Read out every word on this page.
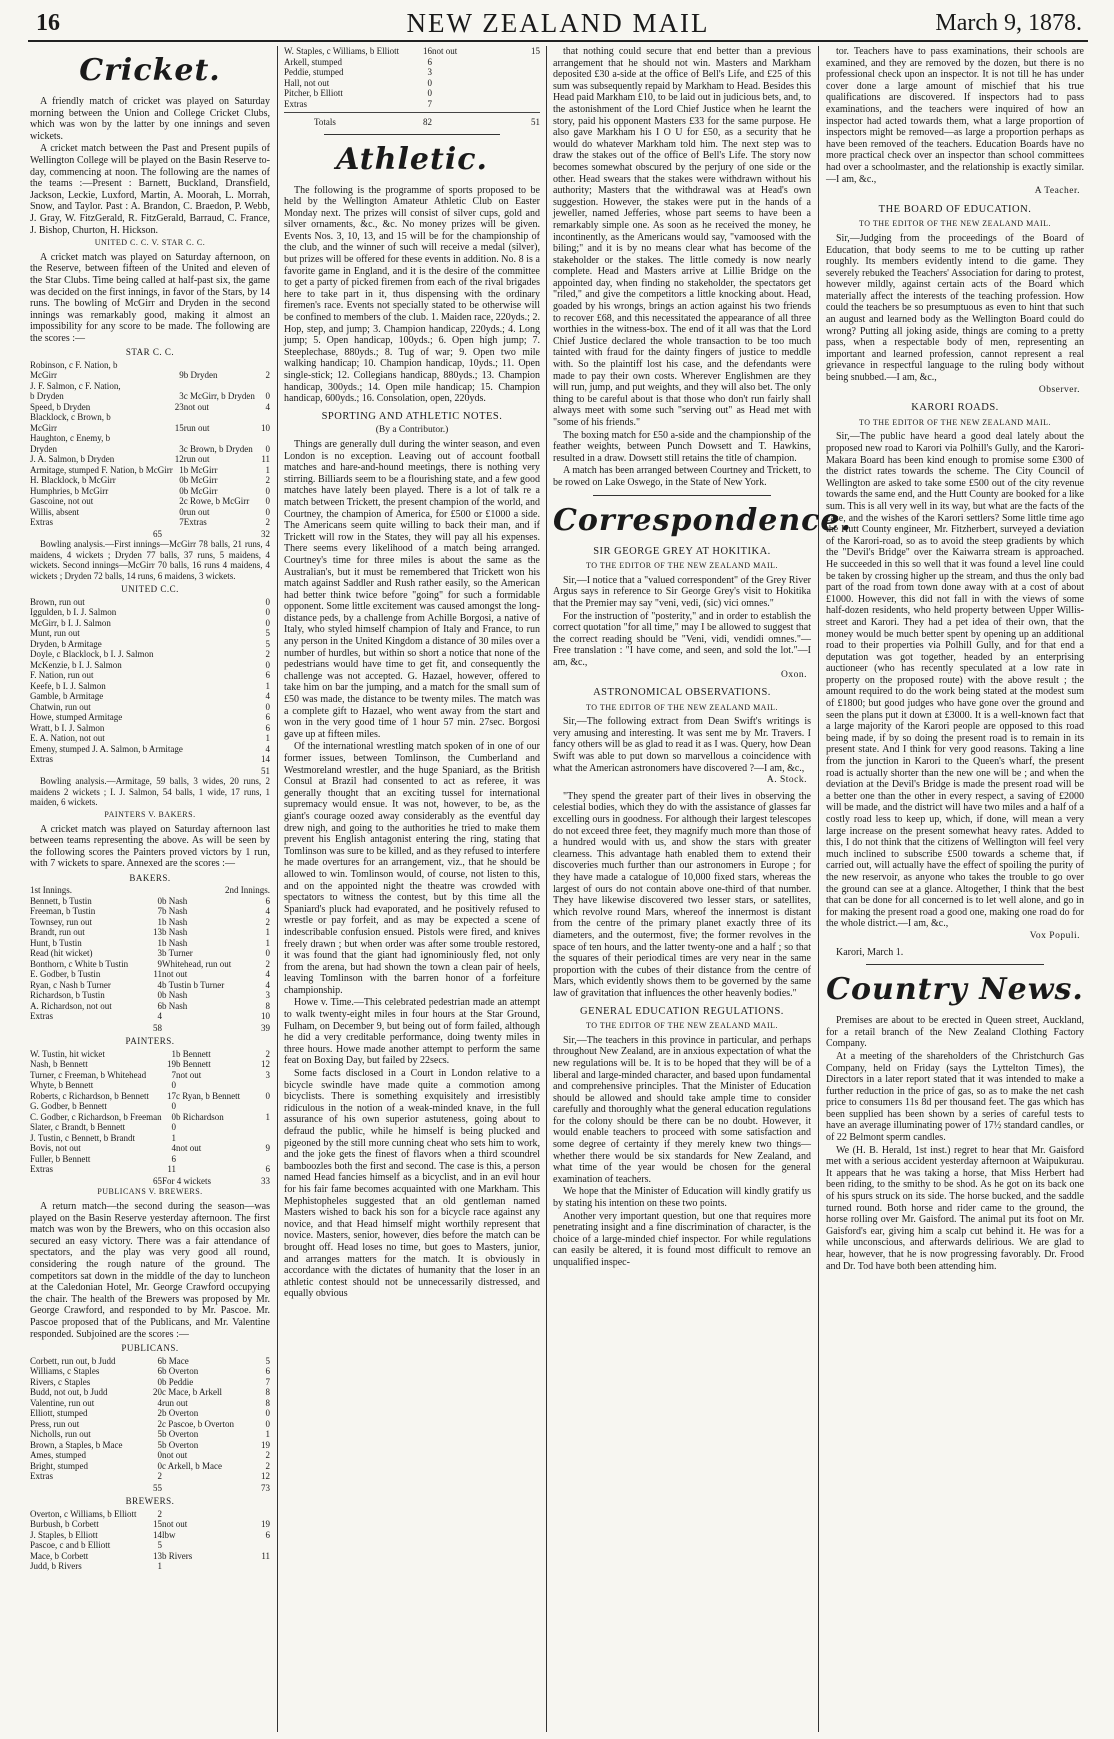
16	NEW ZEALAND MAIL	March 9, 1878.
Cricket.

A friendly match of cricket was played on Saturday morning between the Union and College Cricket Clubs, which was won by the latter by one innings and seven wickets.

A cricket match between the Past and Present pupils of Wellington College will be played on the Basin Reserve to-day, commencing at noon. The following are the names of the teams :—Present : Barnett, Buckland, Dransfield, Jackson, Leckie, Luxford, Martin, A. Moorah, L. Morrah, Snow, and Taylor. Past : A. Brandon, C. Braedon, P. Webb, J. Gray, W. FitzGerald, R. FitzGerald, Barraud, C. France, J. Bishop, Churton, H. Hickson.

UNITED C. C. V. STAR C. C.

A cricket match was played on Saturday afternoon, on the Reserve, between fifteen of the United and eleven of the Star Clubs. Time being called at half-past six, the game was decided on the first innings, in favor of the Stars, by 14 runs. The bowling of McGirr and Dryden in the second innings was remarkably good, making it almost an impossibility for any score to be made. The following are the scores :—

STAR C. C.
Robinson, c F. Nation, b			
McGirr	9	b Dryden	2
J. F. Salmon, c F. Nation,			
b Dryden	3	c McGirr, b Dryden	0
Speed, b Dryden	23	not out	4
Blacklock, c Brown, b			
McGirr	15	run out	10
Haughton, c Enemy, b			
Dryden	3	c Brown, b Dryden	0
J. A. Salmon, b Dryden	12	run out	11
Armitage, stumped F. Nation, b McGirr	1	b McGirr	1
H. Blacklock, b McGirr	0	b McGirr	2
Humphries, b McGirr	0	b McGirr	0
Gascoine, not out	2	c Rowe, b McGirr	0
Willis, absent	0	run out	0
Extras	7	Extras	2
	65		32

Bowling analysis.—First innings—McGirr 78 balls, 21 runs, 4 maidens, 4 wickets ; Dryden 77 balls, 37 runs, 5 maidens, 4 wickets. Second innings—McGirr 70 balls, 16 runs 4 maidens, 4 wickets ; Dryden 72 balls, 14 runs, 6 maidens, 3 wickets.

UNITED C.C.
Brown, run out	0
Iggulden, b I. J. Salmon	0
McGirr, b I. J. Salmon	0
Munt, run out	5
Dryden, b Armitage	5
Doyle, c Blacklock, b I. J. Salmon	2
McKenzie, b I. J. Salmon	0
F. Nation, run out	6
Keefe, b I. J. Salmon	1
Gamble, b Armitage	4
Chatwin, run out	0
Howe, stumped Armitage	6
Wratt, b I. J. Salmon	6
E. A. Nation, not out	1
Emeny, stumped J. A. Salmon, b Armitage	4
Extras	14
	51

Bowling analysis.—Armitage, 59 balls, 3 wides, 20 runs, 2 maidens 2 wickets ; I. J. Salmon, 54 balls, 1 wide, 17 runs, 1 maiden, 6 wickets.

PAINTERS V. BAKERS.

A cricket match was played on Saturday afternoon last between teams representing the above. As will be seen by the following scores the Painters proved victors by 1 run, with 7 wickets to spare. Annexed are the scores :—

BAKERS.
1st Innings.	2nd Innings.
Bennett, b Tustin	0	b Nash	6
Freeman, b Tustin	7	b Nash	4
Townsey, run out	1	b Nash	2
Brandt, run out	13	b Nash	1
Hunt, b Tustin	1	b Nash	1
Read (hit wicket)	3	b Turner	0
Bonthorn, c White b Tustin	9	Whitehead, run out	2
E. Godber, b Tustin	11	not out	4
Ryan, c Nash b Turner	4	b Tustin b Turner	4
Richardson, b Tustin	0	b Nash	3
A. Richardson, not out	6	b Nash	8
Extras	4		10
	58		39
PAINTERS.
W. Tustin, hit wicket	1	b Bennett	2
Nash, b Bennett	19	b Bennett	12
Turner, c Freeman, b Whitehead	7	not out	3
Whyte, b Bennett	0		
Roberts, c Richardson, b Bennett	17	c Ryan, b Bennett	0
G. Godber, b Bennett	0		
C. Godber, c Richardson, b Freeman	0	b Richardson	1
Slater, c Brandt, b Bennett	0		
J. Tustin, c Bennett, b Brandt	1		
Bovis, not out	4	not out	9
Fuller, b Bennett	6		
Extras	11		6
	65	For 4 wickets	33
PUBLICANS V. BREWERS.

A return match—the second during the season—was played on the Basin Reserve yesterday afternoon. The first match was won by the Brewers, who on this occasion also secured an easy victory. There was a fair attendance of spectators, and the play was very good all round, considering the rough nature of the ground. The competitors sat down in the middle of the day to luncheon at the Caledonian Hotel, Mr. George Crawford occupying the chair. The health of the Brewers was proposed by Mr. George Crawford, and responded to by Mr. Pascoe. Mr. Pascoe proposed that of the Publicans, and Mr. Valentine responded. Subjoined are the scores :—

PUBLICANS.
Corbett, run out, b Judd	6	b Mace	5
Williams, c Staples	6	b Overton	6
Rivers, c Staples	0	b Peddie	7
Budd, not out, b Judd	20	c Mace, b Arkell	8
Valentine, run out	4	run out	8
Elliott, stumped	2	b Overton	0
Press, run out	2	c Pascoe, b Overton	0
Nicholls, run out	5	b Overton	1
Brown, a Staples, b Mace	5	b Overton	19
Ames, stumped	0	not out	2
Bright, stumped	0	c Arkell, b Mace	2
Extras	2		12
	55		73
BREWERS.
Overton, c Williams, b Elliott	2		
Burbush, b Corbett	15	not out	19
J. Staples, b Elliott	14	lbw	6
Pascoe, c and b Elliott	5		
Mace, b Corbett	13	b Rivers	11
Judd, b Rivers	1		
W. Staples, c Williams, b Elliott	16	not out	15
Arkell, stumped	6		
Peddie, stumped	3		
Hall, not out	0		
Pitcher, b Elliott	0		
Extras	7		
Totals	82		51
Athletic.

The following is the programme of sports proposed to be held by the Wellington Amateur Athletic Club on Easter Monday next. The prizes will consist of silver cups, gold and silver ornaments, &c., &c. No money prizes will be given. Events Nos. 3, 10, 13, and 15 will be for the championship of the club, and the winner of such will receive a medal (silver), but prizes will be offered for these events in addition. No. 8 is a favorite game in England, and it is the desire of the committee to get a party of picked firemen from each of the rival brigades here to take part in it, thus dispensing with the ordinary firemen's race. Events not specially stated to be otherwise will be confined to members of the club. 1. Maiden race, 220yds.; 2. Hop, step, and jump; 3. Champion handicap, 220yds.; 4. Long jump; 5. Open handicap, 100yds.; 6. Open high jump; 7. Steeplechase, 880yds.; 8. Tug of war; 9. Open two mile walking handicap; 10. Champion handicap, 10yds.; 11. Open single-stick; 12. Collegians handicap, 880yds.; 13. Champion handicap, 300yds.; 14. Open mile handicap; 15. Champion handicap, 600yds.; 16. Consolation, open, 220yds.

SPORTING AND ATHLETIC NOTES.
(By a Contributor.)

Things are generally dull during the winter season, and even London is no exception. Leaving out of account football matches and hare-and-hound meetings, there is nothing very stirring. Billiards seem to be a flourishing state, and a few good matches have lately been played. There is a lot of talk re a match between Trickett, the present champion of the world, and Courtney, the champion of America, for £500 or £1000 a side. The Americans seem quite willing to back their man, and if Trickett will row in the States, they will pay all his expenses. There seems every likelihood of a match being arranged. Courtney's time for three miles is about the same as the Australian's, but it must be remembered that Trickett won his match against Saddler and Rush rather easily, so the American had better think twice before "going" for such a formidable opponent. Some little excitement was caused amongst the long-distance peds, by a challenge from Achille Borgosi, a native of Italy, who styled himself champion of Italy and France, to run any person in the United Kingdom a distance of 30 miles over a number of hurdles, but within so short a notice that none of the pedestrians would have time to get fit, and consequently the challenge was not accepted. G. Hazael, however, offered to take him on bar the jumping, and a match for the small sum of £50 was made, the distance to be twenty miles. The match was a complete gift to Hazael, who went away from the start and won in the very good time of 1 hour 57 min. 27sec. Borgosi gave up at fifteen miles.

Of the international wrestling match spoken of in one of our former issues, between Tomlinson, the Cumberland and Westmoreland wrestler, and the huge Spaniard, as the British Consul at Brazil had consented to act as referee, it was generally thought that an exciting tussel for international supremacy would ensue. It was not, however, to be, as the giant's courage oozed away considerably as the eventful day drew nigh, and going to the authorities he tried to make them prevent his English antagonist entering the ring, stating that Tomlinson was sure to be killed, and as they refused to interfere he made overtures for an arrangement, viz., that he should be allowed to win. Tomlinson would, of course, not listen to this, and on the appointed night the theatre was crowded with spectators to witness the contest, but by this time all the Spaniard's pluck had evaporated, and he positively refused to wrestle or pay forfeit, and as may be expected a scene of indescribable confusion ensued. Pistols were fired, and knives freely drawn ; but when order was after some trouble restored, it was found that the giant had ignominiously fled, not only from the arena, but had shown the town a clean pair of heels, leaving Tomlinson with the barren honor of a forfeiture championship.

Howe v. Time.—This celebrated pedestrian made an attempt to walk twenty-eight miles in four hours at the Star Ground, Fulham, on December 9, but being out of form failed, although he did a very creditable performance, doing twenty miles in three hours. Howe made another attempt to perform the same feat on Boxing Day, but failed by 22secs.

Some facts disclosed in a Court in London relative to a bicycle swindle have made quite a commotion among bicyclists. There is something exquisitely and irresistibly ridiculous in the notion of a weak-minded knave, in the full assurance of his own superior astuteness, going about to defraud the public, while he himself is being plucked and pigeoned by the still more cunning cheat who sets him to work, and the joke gets the finest of flavors when a third scoundrel bamboozles both the first and second. The case is this, a person named Head fancies himself as a bicyclist, and in an evil hour for his fair fame becomes acquainted with one Markham. This Mephistopheles suggested that an old gentleman named Masters wished to back his son for a bicycle race against any novice, and that Head himself might worthily represent that novice. Masters, senior, however, dies before the match can be brought off. Head loses no time, but goes to Masters, junior, and arranges matters for the match. It is obviously in accordance with the dictates of humanity that the loser in an athletic contest should not be unnecessarily distressed, and equally obvious

that nothing could secure that end better than a previous arrangement that he should not win. Masters and Markham deposited £30 a-side at the office of Bell's Life, and £25 of this sum was subsequently repaid by Markham to Head. Besides this Head paid Markham £10, to be laid out in judicious bets, and, to the astonishment of the Lord Chief Justice when he learnt the story, paid his opponent Masters £33 for the same purpose. He also gave Markham his I O U for £50, as a security that he would do whatever Markham told him. The next step was to draw the stakes out of the office of Bell's Life. The story now becomes somewhat obscured by the perjury of one side or the other. Head swears that the stakes were withdrawn without his authority; Masters that the withdrawal was at Head's own suggestion. However, the stakes were put in the hands of a jeweller, named Jefferies, whose part seems to have been a remarkably simple one. As soon as he received the money, he incontinently, as the Americans would say, "vamoosed with the biling;" and it is by no means clear what has become of the stakeholder or the stakes. The little comedy is now nearly complete. Head and Masters arrive at Lillie Bridge on the appointed day, when finding no stakeholder, the spectators get "riled," and give the competitors a little knocking about. Head, goaded by his wrongs, brings an action against his two friends to recover £68, and this necessitated the appearance of all three worthies in the witness-box. The end of it all was that the Lord Chief Justice declared the whole transaction to be too much tainted with fraud for the dainty fingers of justice to meddle with. So the plaintiff lost his case, and the defendants were made to pay their own costs. Wherever Englishmen are they will run, jump, and put weights, and they will also bet. The only thing to be careful about is that those who don't run fairly shall always meet with some such "serving out" as Head met with "some of his friends."

The boxing match for £50 a-side and the championship of the feather weights, between Punch Dowsett and T. Hawkins, resulted in a draw. Dowsett still retains the title of champion.

A match has been arranged between Courtney and Trickett, to be rowed on Lake Oswego, in the State of New York.

Correspondence.
SIR GEORGE GREY AT HOKITIKA.
TO THE EDITOR OF THE NEW ZEALAND MAIL.

Sir,—I notice that a "valued correspondent" of the Grey River Argus says in reference to Sir George Grey's visit to Hokitika that the Premier may say "veni, vedi, (sic) vici omnes."

For the instruction of "posterity," and in order to establish the correct quotation "for all time," may I be allowed to suggest that the correct reading should be "Veni, vidi, vendidi omnes."—Free translation : "I have come, and seen, and sold the lot."—I am, &c.,

Oxon.
ASTRONOMICAL OBSERVATIONS.
TO THE EDITOR OF THE NEW ZEALAND MAIL.

Sir,—The following extract from Dean Swift's writings is very amusing and interesting. It was sent me by Mr. Travers. I fancy others will be as glad to read it as I was. Query, how Dean Swift was able to put down so marvellous a coincidence with what the American astronomers have discovered ?—I am, &c.,

A. Stock.

"They spend the greater part of their lives in observing the celestial bodies, which they do with the assistance of glasses far excelling ours in goodness. For although their largest telescopes do not exceed three feet, they magnify much more than those of a hundred would with us, and show the stars with greater clearness. This advantage hath enabled them to extend their discoveries much further than our astronomers in Europe ; for they have made a catalogue of 10,000 fixed stars, whereas the largest of ours do not contain above one-third of that number. They have likewise discovered two lesser stars, or satellites, which revolve round Mars, whereof the innermost is distant from the centre of the primary planet exactly three of its diameters, and the outermost, five; the former revolves in the space of ten hours, and the latter twenty-one and a half ; so that the squares of their periodical times are very near in the same proportion with the cubes of their distance from the centre of Mars, which evidently shows them to be governed by the same law of gravitation that influences the other heavenly bodies."

GENERAL EDUCATION REGULATIONS.
TO THE EDITOR OF THE NEW ZEALAND MAIL.

Sir,—The teachers in this province in particular, and perhaps throughout New Zealand, are in anxious expectation of what the new regulations will be. It is to be hoped that they will be of a liberal and large-minded character, and based upon fundamental and comprehensive principles. That the Minister of Education should be allowed and should take ample time to consider carefully and thoroughly what the general education regulations for the colony should be there can be no doubt. However, it would enable teachers to proceed with some satisfaction and some degree of certainty if they merely knew two things—whether there would be six standards for New Zealand, and what time of the year would be chosen for the general examination of teachers.

We hope that the Minister of Education will kindly gratify us by stating his intention on these two points.

Another very important question, but one that requires more penetrating insight and a fine discrimination of character, is the choice of a large-minded chief inspector. For while regulations can easily be altered, it is found most difficult to remove an unqualified inspec-

tor. Teachers have to pass examinations, their schools are examined, and they are removed by the dozen, but there is no professional check upon an inspector. It is not till he has under cover done a large amount of mischief that his true qualifications are discovered. If inspectors had to pass examinations, and the teachers were inquired of how an inspector had acted towards them, what a large proportion of inspectors might be removed—as large a proportion perhaps as have been removed of the teachers. Education Boards have no more practical check over an inspector than school committees had over a schoolmaster, and the relationship is exactly similar.—I am, &c.,

A Teacher.
THE BOARD OF EDUCATION.
TO THE EDITOR OF THE NEW ZEALAND MAIL.

Sir,—Judging from the proceedings of the Board of Education, that body seems to me to be cutting up rather roughly. Its members evidently intend to die game. They severely rebuked the Teachers' Association for daring to protest, however mildly, against certain acts of the Board which materially affect the interests of the teaching profession. How could the teachers be so presumptuous as even to hint that such an august and learned body as the Wellington Board could do wrong? Putting all joking aside, things are coming to a pretty pass, when a respectable body of men, representing an important and learned profession, cannot represent a real grievance in respectful language to the ruling body without being snubbed.—I am, &c.,

Observer.
KARORI ROADS.
TO THE EDITOR OF THE NEW ZEALAND MAIL.

Sir,—The public have heard a good deal lately about the proposed new road to Karori via Polhill's Gully, and the Karori-Makara Board has been kind enough to promise some £300 of the district rates towards the scheme. The City Council of Wellington are asked to take some £500 out of the city revenue towards the same end, and the Hutt County are booked for a like sum. This is all very well in its way, but what are the facts of the case, and the wishes of the Karori settlers? Some little time ago the Hutt County engineer, Mr. Fitzherbert, surveyed a deviation of the Karori-road, so as to avoid the steep gradients by which the "Devil's Bridge" over the Kaiwarra stream is approached. He succeeded in this so well that it was found a level line could be taken by crossing higher up the stream, and thus the only bad part of the road from town done away with at a cost of about £1000. However, this did not fall in with the views of some half-dozen residents, who held property between Upper Willis-street and Karori. They had a pet idea of their own, that the money would be much better spent by opening up an additional road to their properties via Polhill Gully, and for that end a deputation was got together, headed by an enterprising auctioneer (who has recently speculated at a low rate in property on the proposed route) with the above result ; the amount required to do the work being stated at the modest sum of £1800; but good judges who have gone over the ground and seen the plans put it down at £3000. It is a well-known fact that a large majority of the Karori people are opposed to this road being made, if by so doing the present road is to remain in its present state. And I think for very good reasons. Taking a line from the junction in Karori to the Queen's wharf, the present road is actually shorter than the new one will be ; and when the deviation at the Devil's Bridge is made the present road will be a better one than the other in every respect, a saving of £2000 will be made, and the district will have two miles and a half of a costly road less to keep up, which, if done, will mean a very large increase on the present somewhat heavy rates. Added to this, I do not think that the citizens of Wellington will feel very much inclined to subscribe £500 towards a scheme that, if carried out, will actually have the effect of spoiling the purity of the new reservoir, as anyone who takes the trouble to go over the ground can see at a glance. Altogether, I think that the best that can be done for all concerned is to let well alone, and go in for making the present road a good one, making one road do for the whole district.—I am, &c.,

Vox Populi.

Karori, March 1.

Country News.

Premises are about to be erected in Queen street, Auckland, for a retail branch of the New Zealand Clothing Factory Company.

At a meeting of the shareholders of the Christchurch Gas Company, held on Friday (says the Lyttelton Times), the Directors in a later report stated that it was intended to make a further reduction in the price of gas, so as to make the net cash price to consumers 11s 8d per thousand feet. The gas which has been supplied has been shown by a series of careful tests to have an average illuminating power of 17½ standard candles, or of 22 Belmont sperm candles.

We (H. B. Herald, 1st inst.) regret to hear that Mr. Gaisford met with a serious accident yesterday afternoon at Waipukurau. It appears that he was taking a horse, that Miss Herbert had been riding, to the smithy to be shod. As he got on its back one of his spurs struck on its side. The horse bucked, and the saddle turned round. Both horse and rider came to the ground, the horse rolling over Mr. Gaisford. The animal put its foot on Mr. Gaisford's ear, giving him a scalp cut behind it. He was for a while unconscious, and afterwards delirious. We are glad to hear, however, that he is now progressing favorably. Dr. Frood and Dr. Tod have both been attending him.
